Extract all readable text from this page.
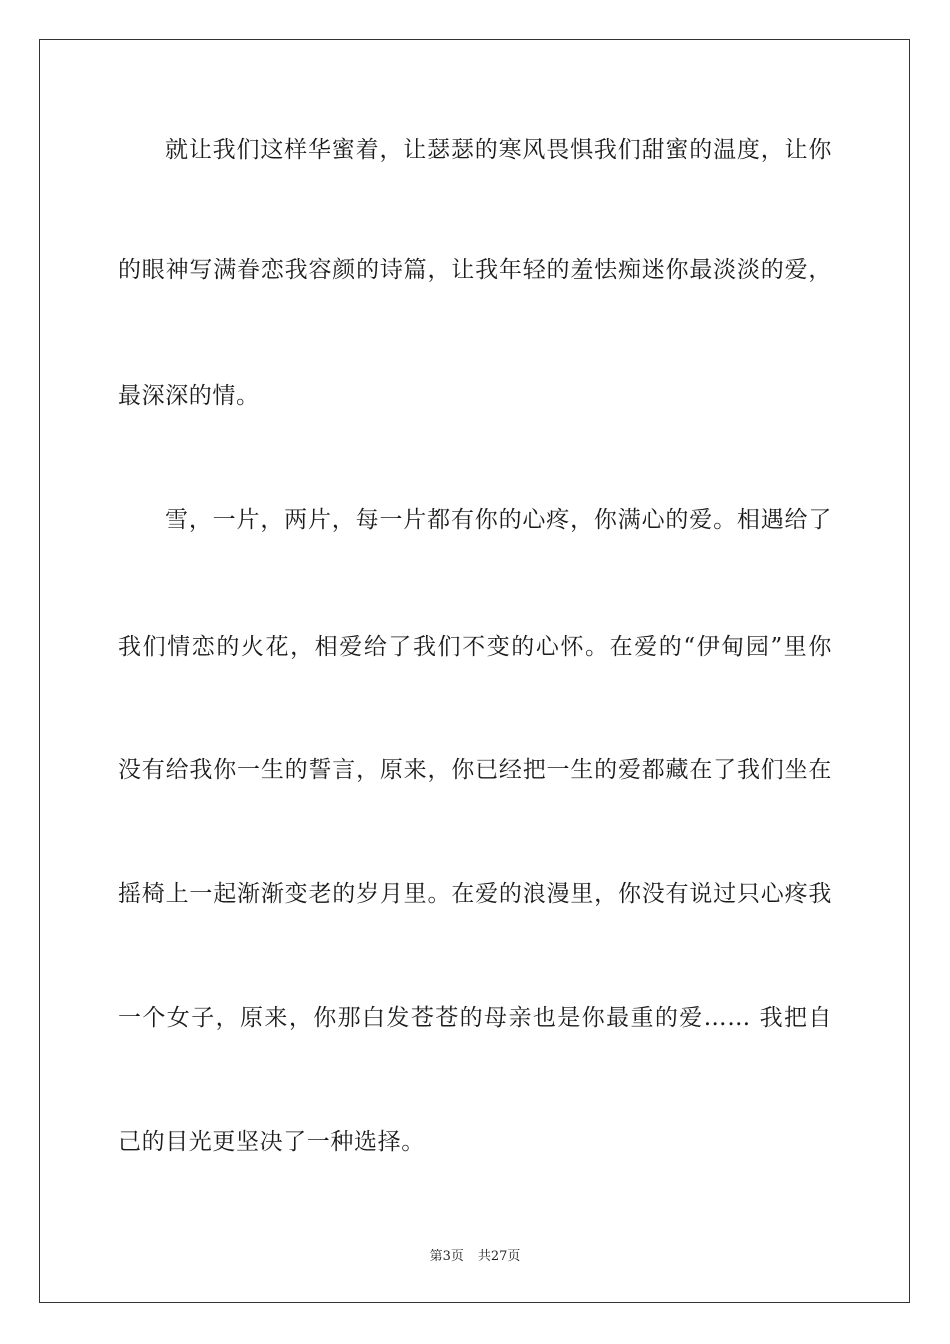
就让我们这样华蜜着，让瑟瑟的寒风畏惧我们甜蜜的温度，让你
的眼神写满眷恋我容颜的诗篇，让我年轻的羞怯痴迷你最淡淡的爱，
最深深的情。
雪，一片，两片，每一片都有你的心疼，你满心的爱。相遇给了
我们情恋的火花，相爱给了我们不变的心怀。在爱的“伊甸园”里你
没有给我你一生的誓言，原来，你已经把一生的爱都藏在了我们坐在
摇椅上一起渐渐变老的岁月里。在爱的浪漫里，你没有说过只心疼我
一个女子，原来，你那白发苍苍的母亲也是你最重的爱…… 我把自
己的目光更坚决了一种选择。
第3页 共27页
